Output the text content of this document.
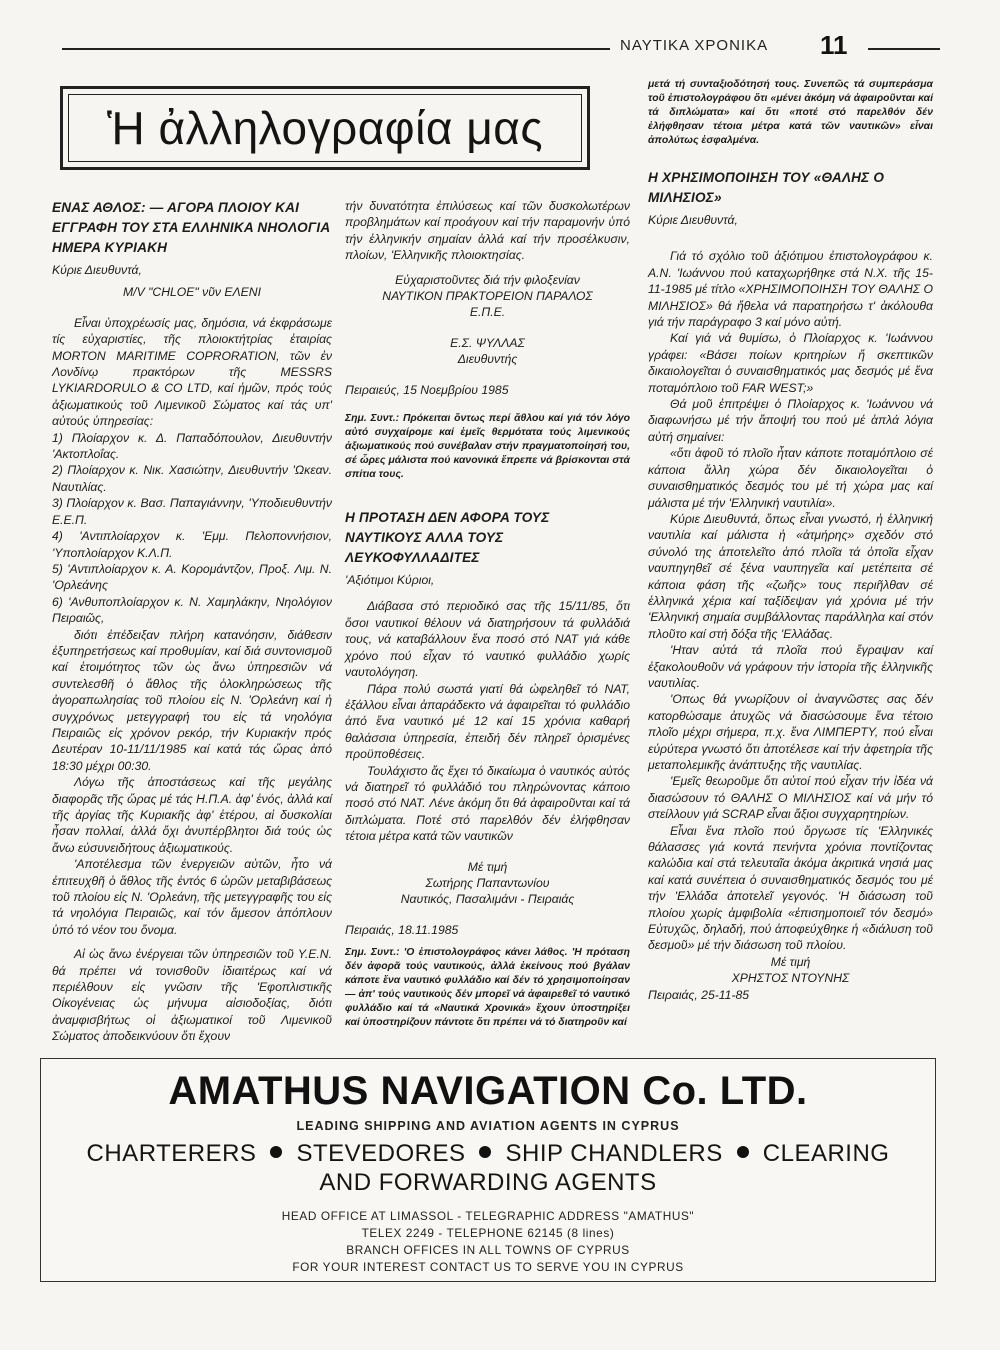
ΝΑΥΤΙΚΑ ΧΡΟΝΙΚΑ 11
Ἡ ἀλληλογραφία μας

ΕΝΑΣ ΑΘΛΟΣ: — ΑΓΟΡΑ ΠΛΟΙΟΥ ΚΑΙ ΕΓΓΡΑΦΗ ΤΟΥ ΣΤΑ ΕΛΛΗΝΙΚΑ ΝΗΟΛΟΓΙΑ ΗΜΕΡΑ ΚΥΡΙΑΚΗ

Κύριε Διευθυντά,

M/V "CHLOE" νῦν ΕΛΕΝΙ

Εἶναι ὑποχρέωσίς μας, δημόσια, νά ἐκφράσωμε τίς εὐχαριστίες, τῆς πλοιοκτήτρίας ἑταιρίας MORTON MARITIME COPRORATION, τῶν ἐν Λονδίνῳ πρακτόρων τῆς MESSRS LYKIARDORULO & CO LTD, καί ἡμῶν, πρός τούς ἀξιωματικούς τοῦ Λιμενικοῦ Σώματος καί τάς υπ' αὐτούς ὑπηρεσίας:

1) Πλοίαρχον κ. Δ. Παπαδόπουλον, Διευθυντήν 'Ακτοπλοΐας.

2) Πλοίαρχον κ. Νικ. Χασιώτην, Διευθυντήν 'Ωκεαν. Ναυτιλίας.

3) Πλοίαρχον κ. Βασ. Παπαγιάννην, 'Υποδιευθυντήν Ε.Ε.Π.

4) 'Αντιπλοίαρχον κ. 'Εμμ. Πελοποννήσιον, 'Υποπλοίαρχον Κ.Λ.Π.

5) 'Αντιπλοίαρχον κ. Α. Κορομάντζον, Προξ. Λιμ. Ν. 'Ορλεάνης

6) 'Ανθυποπλοίαρχον κ. Ν. Χαμηλάκην, Νηολόγιον Πειραιῶς,

διότι ἐπέδειξαν πλήρη κατανόησιν, διάθεσιν ἐξυπηρετήσεως καί προθυμίαν, καί διά συντονισμοῦ καί ἑτοιμότητος τῶν ὡς ἄνω ὑπηρεσιῶν νά συντελεσθῆ ὁ ἄθλος τῆς ὁλοκληρώσεως τῆς ἀγοραπωλησίας τοῦ πλοίου εἰς Ν. 'Ορλεάνη καί ἡ συγχρόνως μετεγγραφή του εἰς τά νηολόγια Πειραιῶς εἰς χρόνον ρεκόρ, τήν Κυριακήν πρός Δευτέραν 10-11/11/1985 καί κατά τάς ὥρας ἀπό 18:30 μέχρι 00:30.

Λόγω τῆς ἀποστάσεως καί τῆς μεγάλης διαφορᾶς τῆς ὥρας μέ τάς Η.Π.Α. ἀφ' ἑνός, ἀλλά καί τῆς ἀργίας τῆς Κυριακῆς ἀφ' ἑτέρου, αἱ δυσκολίαι ἦσαν πολλαί, ἀλλά ὄχι ἀνυπέρβλητοι διά τούς ὡς ἄνω εὐσυνειδήτους ἀξιωματικούς.

'Αποτέλεσμα τῶν ἐνεργειῶν αὐτῶν, ἦτο νά ἐπιτευχθῆ ὁ ἄθλος τῆς ἐντός 6 ὡρῶν μεταβιβάσεως τοῦ πλοίου εἰς Ν. 'Ορλεάνη, τῆς μετεγγραφῆς του εἰς τά νηολόγια Πειραιῶς, καί τόν ἄμεσον ἀπόπλουν ὑπό τό νέον του ὄνομα.

Αἱ ὡς ἄνω ἐνέργειαι τῶν ὑπηρεσιῶν τοῦ Υ.Ε.Ν. θά πρέπει νά τονισθοῦν ἰδιαιτέρως καί νά περιέλθουν εἰς γνῶσιν τῆς 'Εφοπλιστικῆς Οἰκογένειας ὡς μήνυμα αἰσιοδοξίας, διότι ἀναμφισβήτως οἱ ἀξιωματικοί τοῦ Λιμενικοῦ Σώματος ἀποδεικνύουν ὅτι ἔχουν

τήν δυνατότητα ἐπιλύσεως καί τῶν δυσκολωτέρων προβλημάτων καί προάγουν καί τήν παραμονήν ὑπό τήν ἑλληνικήν σημαίαν ἀλλά καί τήν προσέλκυσιν, πλοίων, 'Ελληνικῆς πλοιοκτησίας.

Εὐχαριστοῦντες διά τήν φιλοξενίαν

ΝΑΥΤΙΚΟΝ ΠΡΑΚΤΟΡΕΙΟΝ ΠΑΡΑΛΟΣ

Ε.Π.Ε.

Ε.Σ. ΨΥΛΛΑΣ

Διευθυντής

Πειραιεύς, 15 Νοεμβρίου 1985

Σημ. Συντ.: Πρόκειται ὄντως περί ἄθλου καί γιά τόν λόγο αὐτό συγχαίρομε καί ἐμεῖς θερμότατα τούς λιμενικούς ἀξιωματικούς πού συνέβαλαν στήν πραγματοποίησή του, σέ ὧρες μάλιστα πού κανονικά ἔπρεπε νά βρίσκονται στά σπίτια τους.

Η ΠΡΟΤΑΣΗ ΔΕΝ ΑΦΟΡΑ ΤΟΥΣ ΝΑΥΤΙΚΟΥΣ ΑΛΛΑ ΤΟΥΣ ΛΕΥΚΟΦΥΛΛΑΔΙΤΕΣ

'Αξιότιμοι Κύριοι,

Διάβασα στό περιοδικό σας τῆς 15/11/85, ὅτι ὅσοι ναυτικοί θέλουν νά διατηρήσουν τά φυλλάδιά τους, νά καταβάλλουν ἕνα ποσό στό ΝΑΤ γιά κάθε χρόνο πού εἶχαν τό ναυτικό φυλλάδιο χωρίς ναυτολόγηση.

Πάρα πολύ σωστά γιατί θά ὠφεληθεῖ τό ΝΑΤ, ἐξάλλου εἶναι ἀπαράδεκτο νά ἀφαιρεῖται τό φυλλάδιο ἀπό ἕνα ναυτικό μέ 12 καί 15 χρόνια καθαρή θαλάσσια ὑπηρεσία, ἐπειδή δέν πληρεῖ ὁρισμένες προϋποθέσεις.

Τουλάχιστο ἄς ἔχει τό δικαίωμα ὁ ναυτικός αὐτός νά διατηρεῖ τό φυλλάδιό του πληρώνοντας κάποιο ποσό στό ΝΑΤ. Λένε ἀκόμη ὅτι θά ἀφαιροῦνται καί τά διπλώματα. Ποτέ στό παρελθόν δέν ἐλήφθησαν τέτοια μέτρα κατά τῶν ναυτικῶν

Μέ τιμή

Σωτήρης Παπαντωνίου

Ναυτικός, Πασαλιμάνι - Πειραιάς

Πειραιάς, 18.11.1985

Σημ. Συντ.: 'Ο ἐπιστολογράφος κάνει λάθος. 'Η πρόταση δέν ἀφορᾶ τούς ναυτικούς, ἀλλά ἐκείνους πού βγάλαν κάποτε ἕνα ναυτικό φυλλάδιο καί δέν τό χρησιμοποίησαν — ἀπ' τούς ναυτικούς δέν μπορεῖ νά ἀφαιρεθεῖ τό ναυτικό φυλλάδιο καί τά «Ναυτικά Χρονικά» ἔχουν ὑποστηρίξει καί ὑποστηρίζουν πάντοτε ὅτι πρέπει νά τό διατηροῦν καί

μετά τή συνταξιοδότησή τους. Συνεπῶς τά συμπεράσμα τοῦ ἐπιστολογράφου ὅτι «μένει ἀκόμη νά ἀφαιροῦνται καί τά διπλώματα» καί ὅτι «ποτέ στό παρελθόν δέν ἐλήφθησαν τέτοια μέτρα κατά τῶν ναυτικῶν» εἶναι ἀπολύτως ἐσφαλμένα.

Η ΧΡΗΣΙΜΟΠΟΙΗΣΗ ΤΟΥ «ΘΑΛΗΣ Ο ΜΙΛΗΣΙΟΣ»

Κύριε Διευθυντά,

Γιά τό σχόλιο τοῦ ἀξιότιμου ἐπιστολογράφου κ. Α.Ν. 'Ιωάννου πού καταχωρήθηκε στά Ν.Χ. τῆς 15-11-1985 μέ τίτλο «ΧΡΗΣΙΜΟΠΟΙΗΣΗ ΤΟΥ ΘΑΛΗΣ Ο ΜΙΛΗΣΙΟΣ» θά ἤθελα νά παρατηρήσω τ' ἀκόλουθα γιά τήν παράγραφο 3 καί μόνο αὐτή.

Καί γιά νά θυμίσω, ὁ Πλοίαρχος κ. 'Ιωάννου γράφει: «Βάσει ποίων κριτηρίων ἤ σκεπτικῶν δικαιολογεῖται ὁ συναισθηματικός μας δεσμός μέ ἕνα ποταμόπλοιο τοῦ FAR WEST;»

Θά μοῦ ἐπιτρέψει ὁ Πλοίαρχος κ. 'Ιωάννου νά διαφωνήσω μέ τήν ἄποψή του πού μέ ἁπλά λόγια αὐτή σημαίνει:

«ὅτι ἀφοῦ τό πλοῖο ἦταν κάποτε ποταμόπλοιο σέ κάποια ἄλλη χώρα δέν δικαιολογεῖται ὁ συναισθηματικός δεσμός του μέ τή χώρα μας καί μάλιστα μέ τήν 'Ελληνική ναυτιλία».

Κύριε Διευθυντά, ὅπως εἶναι γνωστό, ἡ ἑλληνική ναυτιλία καί μάλιστα ἡ «ἀτμήρης» σχεδόν στό σύνολό της ἀποτελεῖτο ἀπό πλοῖα τά ὁποῖα εἶχαν ναυπηγηθεῖ σέ ξένα ναυπηγεῖα καί μετέπειτα σέ κάποια φάση τῆς «ζωῆς» τους περιῆλθαν σέ ἑλληνικά χέρια καί ταξίδεψαν γιά χρόνια μέ τήν 'Ελληνική σημαία συμβάλλοντας παράλληλα καί στόν πλοῦτο καί στή δόξα τῆς 'Ελλάδας.

'Ηταν αὐτά τά πλοῖα πού ἔγραψαν καί ἐξακολουθοῦν νά γράφουν τήν ἱστορία τῆς ἑλληνικῆς ναυτιλίας.

'Οπως θά γνωρίζουν οἱ ἀναγνῶστες σας δέν κατορθώσαμε ἀτυχῶς νά διασώσουμε ἕνα τέτοιο πλοῖο μέχρι σήμερα, π.χ. ἕνα ΛΙΜΠΕΡΤΥ, πού εἶναι εὐρύτερα γνωστό ὅτι ἀποτέλεσε καί τήν ἀφετηρία τῆς μεταπολεμικῆς ἀνάπτυξης τῆς ναυτιλίας.

'Εμεῖς θεωροῦμε ὅτι αὐτοί πού εἶχαν τήν ἰδέα νά διασώσουν τό ΘΑΛΗΣ Ο ΜΙΛΗΣΙΟΣ καί νά μήν τό στείλλουν γιά SCRAP εἶναι ἄξιοι συγχαρητηρίων.

Εἶναι ἕνα πλοῖο πού ὄργωσε τίς 'Ελληνικές θάλασσες γιά κοντά πενήντα χρόνια ποντίζοντας καλώδια καί στά τελευταῖα ἀκόμα ἀκριτικά νησιά μας καί κατά συνέπεια ὁ συναισθηματικός δεσμός του μέ τήν 'Ελλάδα ἀποτελεῖ γεγονός. 'Η διάσωση τοῦ πλοίου χωρίς ἀμφιβολία «ἐπισημοποιεῖ τόν δεσμό» Εὐτυχῶς, δηλαδή, πού ἀποφεύχθηκε ἡ «διάλυση τοῦ δεσμοῦ» μέ τήν διάσωση τοῦ πλοίου.

Μέ τιμή

ΧΡΗΣΤΟΣ ΝΤΟΥΝΗΣ

Πειραιάς, 25-11-85

AMATHUS NAVIGATION Co. LTD.
LEADING SHIPPING AND AVIATION AGENTS IN CYPRUS
CHARTERERS STEVEDORES SHIP CHANDLERS CLEARING
AND FORWARDING AGENTS
HEAD OFFICE AT LIMASSOL - TELEGRAPHIC ADDRESS "AMATHUS"
TELEX 2249 - TELEPHONE 62145 (8 lines)
BRANCH OFFICES IN ALL TOWNS OF CYPRUS
FOR YOUR INTEREST CONTACT US TO SERVE YOU IN CYPRUS
